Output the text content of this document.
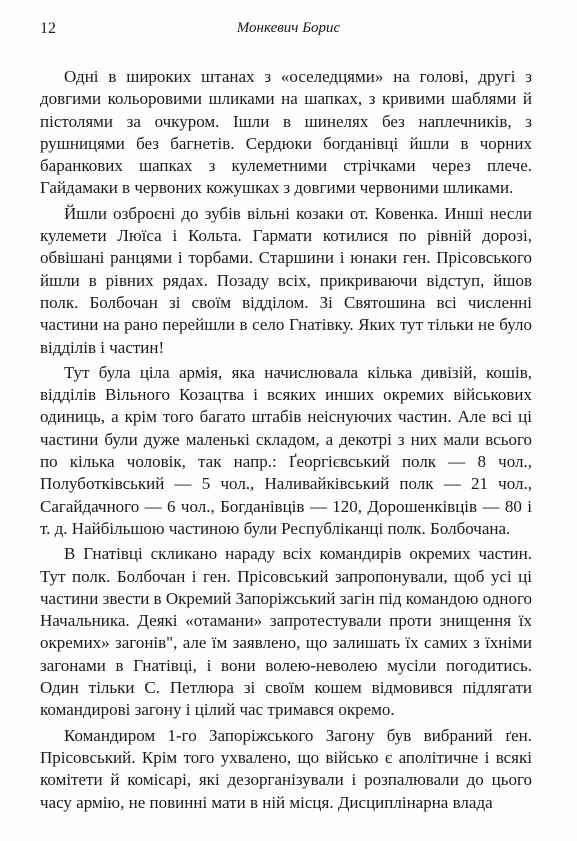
12	Монкевич Борис

Одні в широких штанах з «оселедцями» на голові, другі з довгими кольоровими шликами на шапках, з кривими шаблями й пістолями за очкуром. Ішли в шинелях без наплечників, з рушницями без багнетів. Сердюки богданівці йшли в чорних баранкових шапках з кулеметними стрічками через плече. Гайдамаки в червоних кожушках з довгими червоними шликами.

Йшли озброєні до зубів вільні козаки от. Ковенка. Инші несли кулемети Люїса і Кольта. Гармати котилися по рівній дорозі, обвішані ранцями і торбами. Старшини і юнаки ген. Прісовського йшли в рівних рядах. Позаду всіх, прикриваючи відступ, йшов полк. Болбочан зі своїм відділом. Зі Святошина всі численні частини на рано перейшли в село Гнатівку. Яких тут тільки не було відділів і частин!

Тут була ціла армія, яка начислювала кілька дивізій, кошів, відділів Вільного Козацтва і всяких инших окремих військових одиниць, а крім того багато штабів неіснуючих частин. Але всі ці частини були дуже маленькі складом, а декотрі з них мали всього по кілька чоловік, так напр.: Ґеоргієвський полк — 8 чол., Полуботківський — 5 чол., Наливайківський полк — 21 чол., Сагайдачного — 6 чол., Богданівців — 120, Дорошенківців — 80 і т. д. Найбільшою частиною були Республіканці полк. Болбочана.

В Гнатівці скликано нараду всіх командирів окремих частин. Тут полк. Болбочан і ген. Прісовський запропонували, щоб усі ці частини звести в Окремий Запоріжський загін під командою одного Начальника. Деякі «отамани» запротестували проти знищення їх окремих» загонів", але їм заявлено, що залишать їх самих з їхніми загонами в Гнатівці, і вони волею-неволею мусіли погодитись. Один тільки С. Петлюра зі своїм кошем відмовився підлягати командирові загону і цілий час тримався окремо.

Командиром 1-го Запоріжського Загону був вибраний ґен. Прісовський. Крім того ухвалено, що військо є аполітичне і всякі комітети й комісарі, які дезорганізували і розпалювали до цього часу армію, не повинні мати в ній місця. Дисциплінарна влада
